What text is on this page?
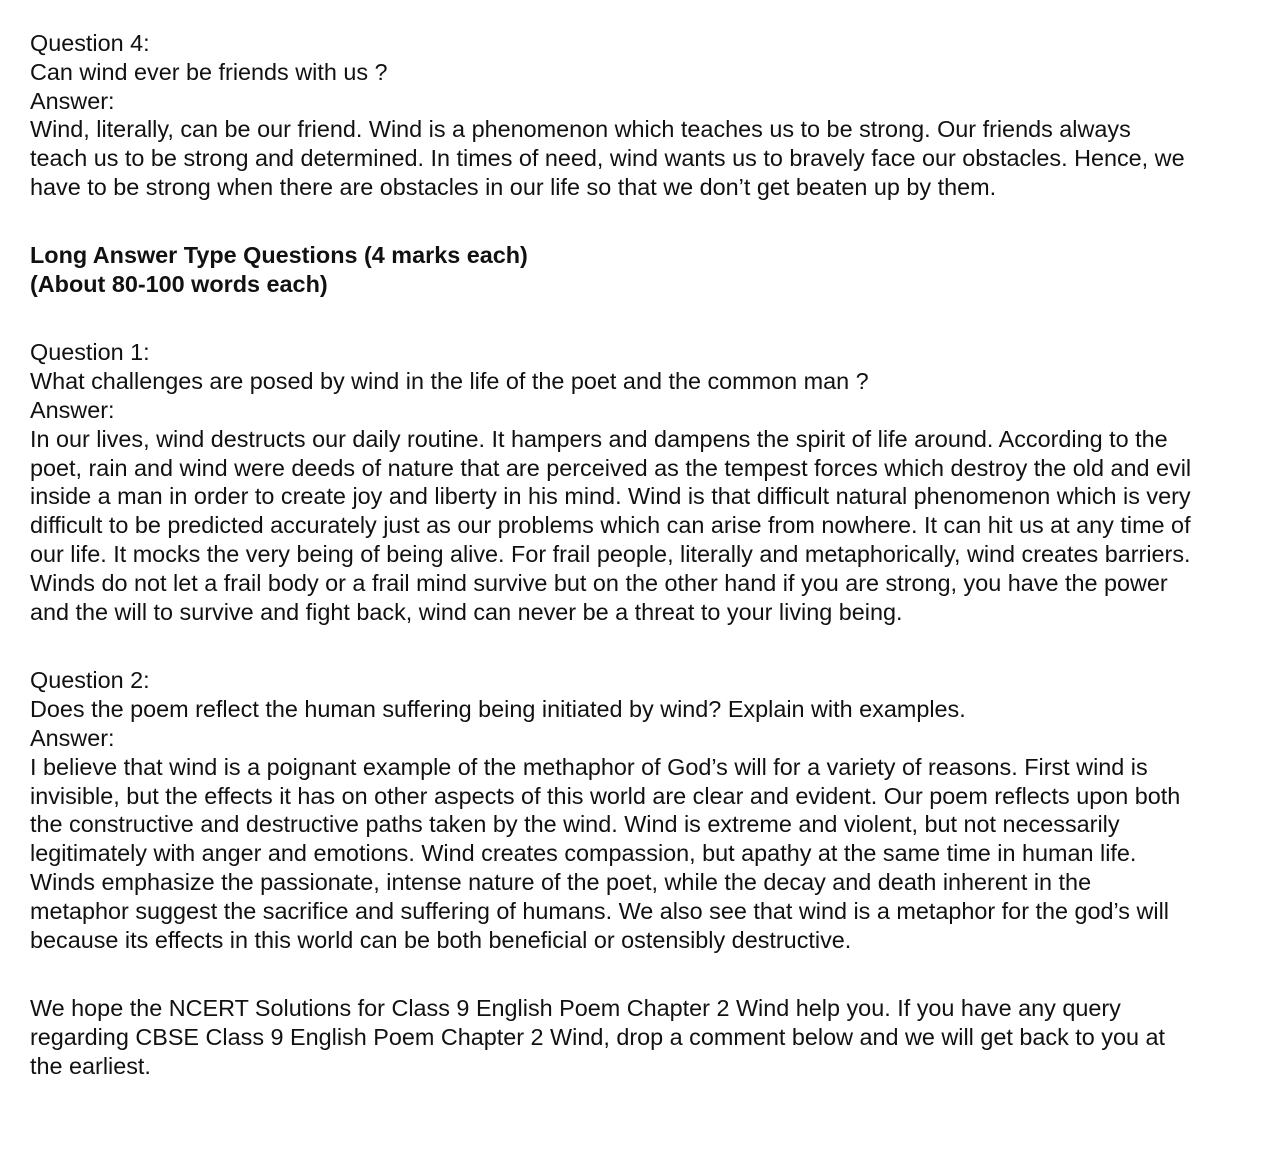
Question 4:
Can wind ever be friends with us ?
Answer:
Wind, literally, can be our friend. Wind is a phenomenon which teaches us to be strong. Our friends always
teach us to be strong and determined. In times of need, wind wants us to bravely face our obstacles. Hence, we
have to be strong when there are obstacles in our life so that we don’t get beaten up by them.
Long Answer Type Questions (4 marks each)
(About 80-100 words each)
Question 1:
What challenges are posed by wind in the life of the poet and the common man ?
Answer:
In our lives, wind destructs our daily routine. It hampers and dampens the spirit of life around. According to the
poet, rain and wind were deeds of nature that are perceived as the tempest forces which destroy the old and evil
inside a man in order to create joy and liberty in his mind. Wind is that difficult natural phenomenon which is very
difficult to be predicted accurately just as our problems which can arise from nowhere. It can hit us at any time of
our life. It mocks the very being of being alive. For frail people, literally and metaphorically, wind creates barriers.
Winds do not let a frail body or a frail mind survive but on the other hand if you are strong, you have the power
and the will to survive and fight back, wind can never be a threat to your living being.
Question 2:
Does the poem reflect the human suffering being initiated by wind? Explain with examples.
Answer:
I believe that wind is a poignant example of the methaphor of God’s will for a variety of reasons. First wind is
invisible, but the effects it has on other aspects of this world are clear and evident. Our poem reflects upon both
the constructive and destructive paths taken by the wind. Wind is extreme and violent, but not necessarily
legitimately with anger and emotions. Wind creates compassion, but apathy at the same time in human life.
Winds emphasize the passionate, intense nature of the poet, while the decay and death inherent in the
metaphor suggest the sacrifice and suffering of humans. We also see that wind is a metaphor for the god’s will
because its effects in this world can be both beneficial or ostensibly destructive.
We hope the NCERT Solutions for Class 9 English Poem Chapter 2 Wind help you. If you have any query
regarding CBSE Class 9 English Poem Chapter 2 Wind, drop a comment below and we will get back to you at
the earliest.
